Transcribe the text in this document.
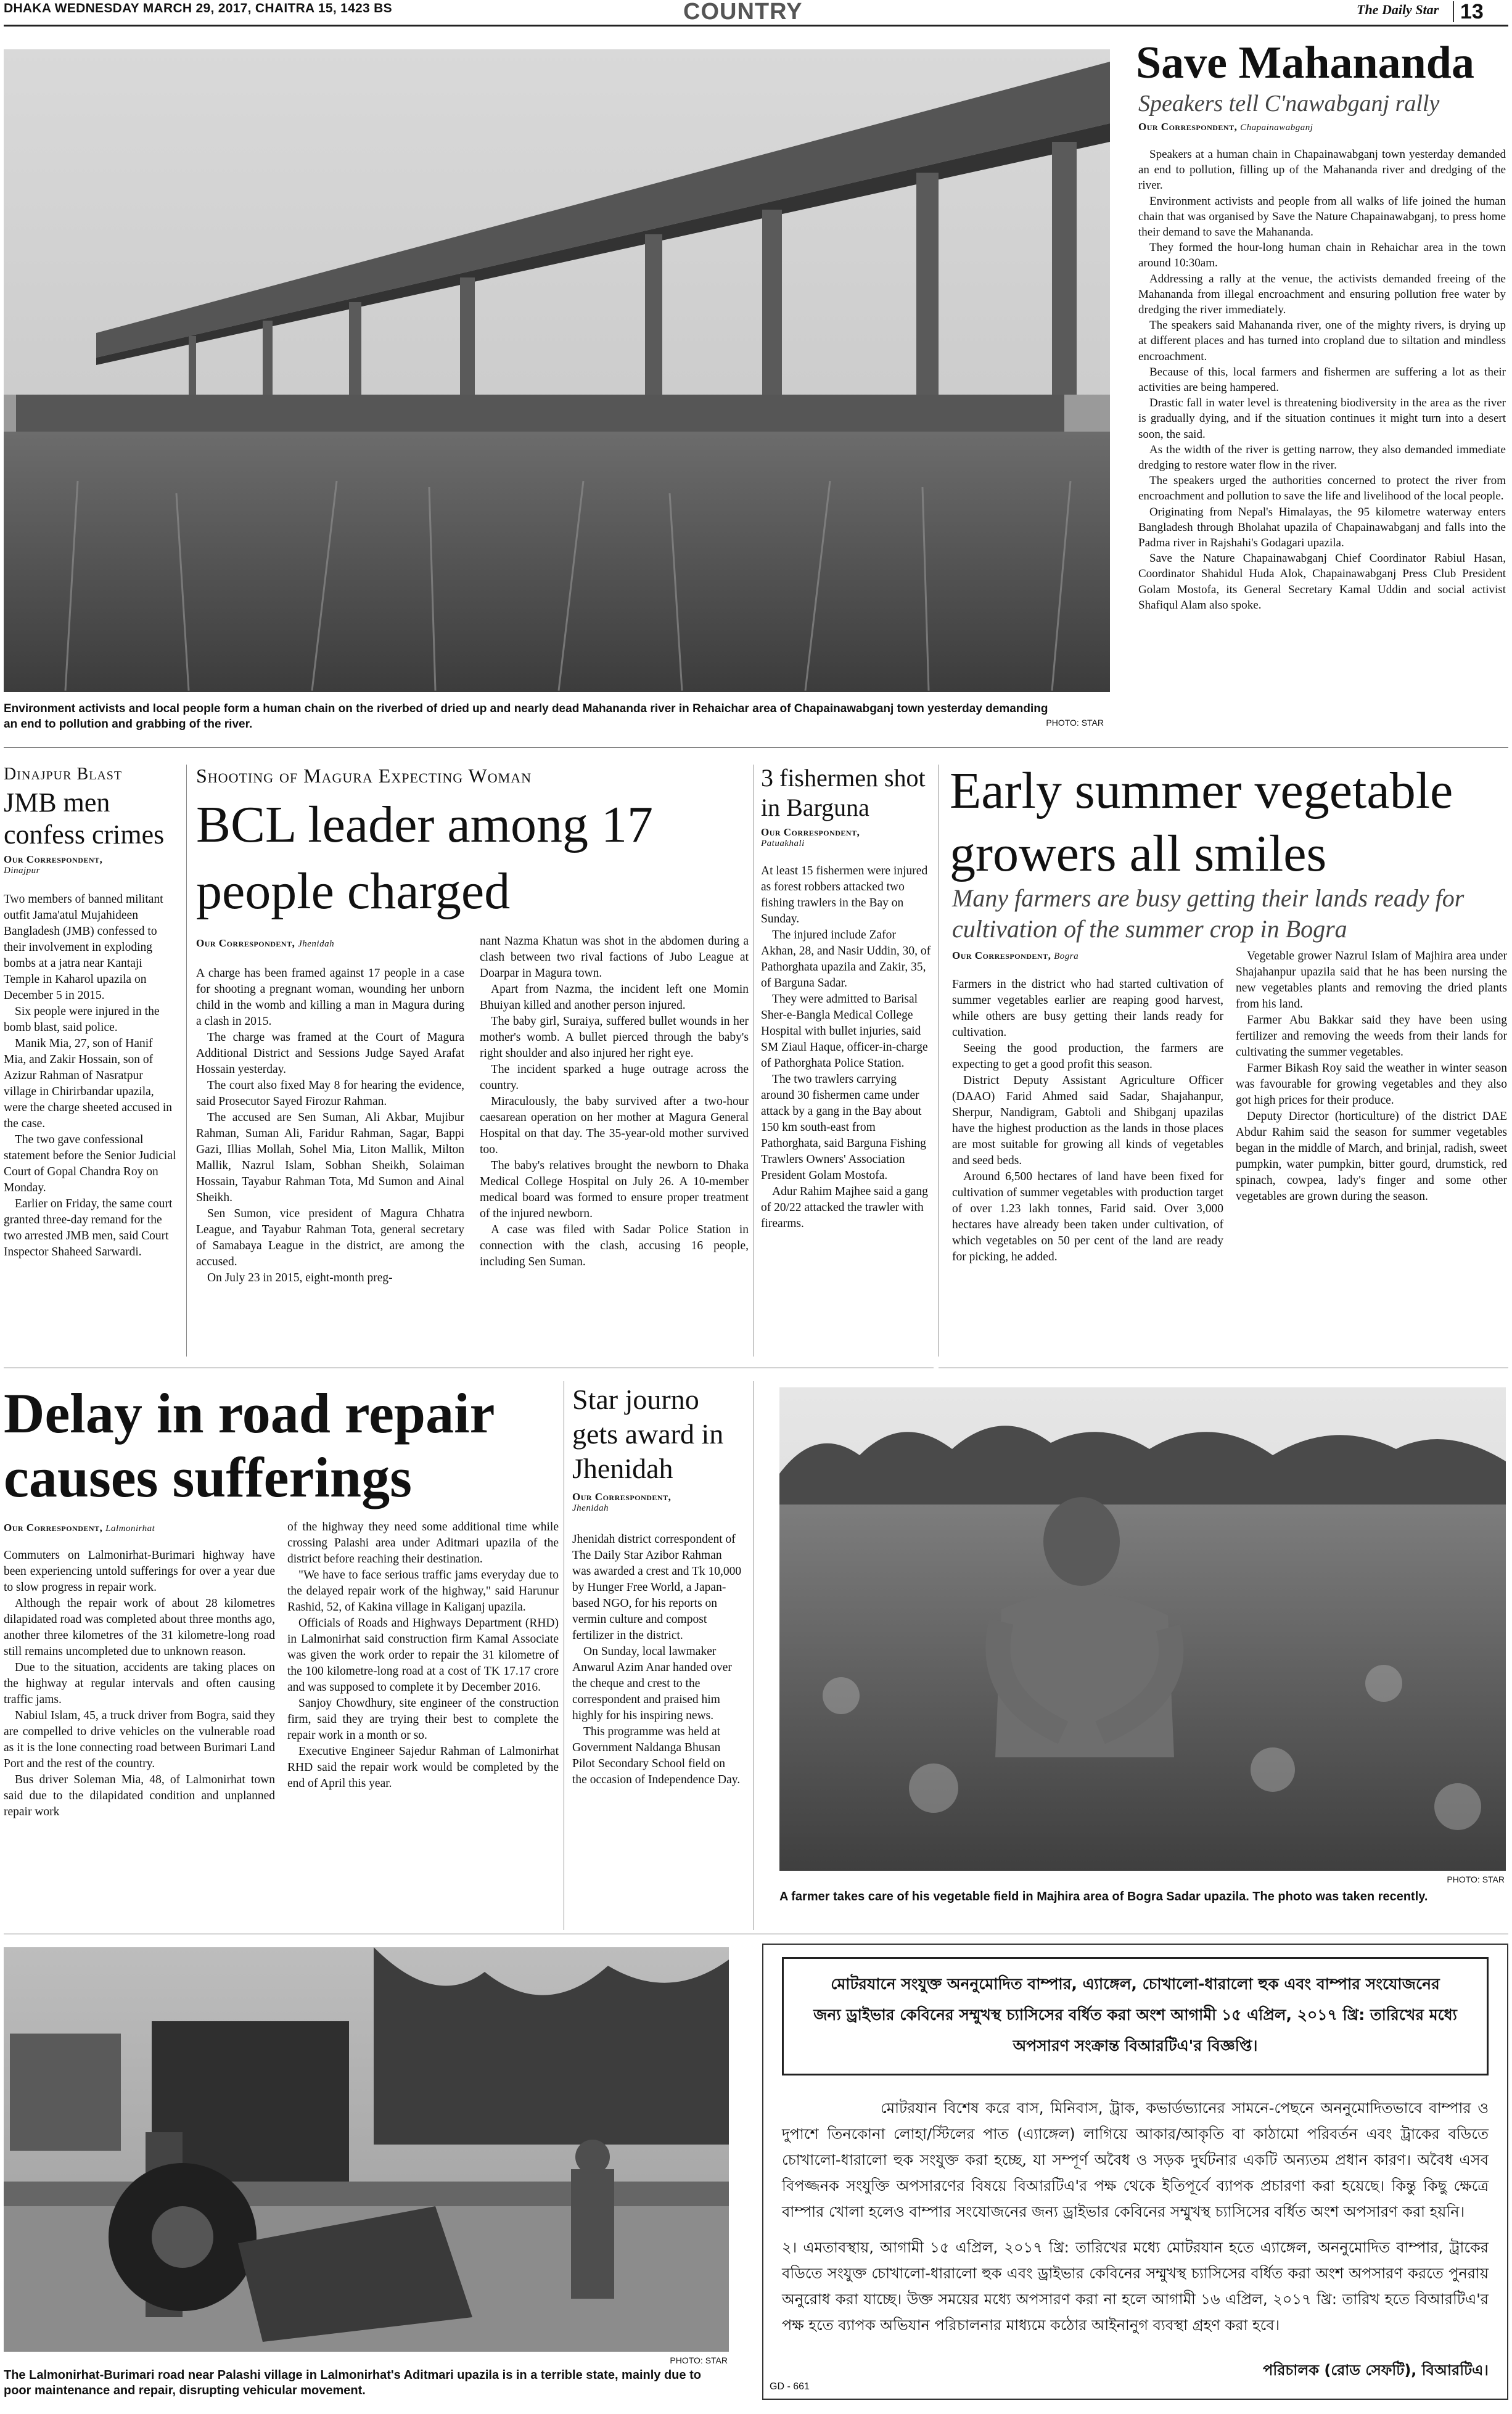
DHAKA WEDNESDAY MARCH 29, 2017, CHAITRA 15, 1423 BS	COUNTRY	The Daily Star 13
Environment activists and local people form a human chain on the riverbed of dried up and nearly dead Mahananda river in Rehaichar area of Chapainawabganj town yesterday demanding an end to pollution and grabbing of the river.	PHOTO: STAR
Save Mahananda
Speakers tell C'nawabganj rally
Our Correspondent, Chapainawabganj

Speakers at a human chain in Chapainawabganj town yesterday demanded an end to pollution, filling up of the Mahananda river and dredging of the river.

Environment activists and people from all walks of life joined the human chain that was organised by Save the Nature Chapainawabganj, to press home their demand to save the Mahananda.

They formed the hour-long human chain in Rehaichar area in the town around 10:30am.

Addressing a rally at the venue, the activists demanded freeing of the Mahananda from illegal encroachment and ensuring pollution free water by dredging the river immediately.

The speakers said Mahananda river, one of the mighty rivers, is drying up at different places and has turned into cropland due to siltation and mindless encroachment.

Because of this, local farmers and fishermen are suffering a lot as their activities are being hampered.

Drastic fall in water level is threatening biodiversity in the area as the river is gradually dying, and if the situation continues it might turn into a desert soon, the said.

As the width of the river is getting narrow, they also demanded immediate dredging to restore water flow in the river.

The speakers urged the authorities concerned to protect the river from encroachment and pollution to save the life and livelihood of the local people.

Originating from Nepal's Himalayas, the 95 kilometre waterway enters Bangladesh through Bholahat upazila of Chapainawabganj and falls into the Padma river in Rajshahi's Godagari upazila.

Save the Nature Chapainawabganj Chief Coordinator Rabiul Hasan, Coordinator Shahidul Huda Alok, Chapainawabganj Press Club President Golam Mostofa, its General Secretary Kamal Uddin and social activist Shafiqul Alam also spoke.

Dinajpur Blast
JMB men confess crimes
Our Correspondent,
Dinajpur

Two members of banned militant outfit Jama'atul Mujahideen Bangladesh (JMB) confessed to their involvement in exploding bombs at a jatra near Kantaji Temple in Kaharol upazila on December 5 in 2015.

Six people were injured in the bomb blast, said police.

Manik Mia, 27, son of Hanif Mia, and Zakir Hossain, son of Azizur Rahman of Nasratpur village in Chirirbandar upazila, were the charge sheeted accused in the case.

The two gave confessional statement before the Senior Judicial Court of Gopal Chandra Roy on Monday.

Earlier on Friday, the same court granted three-day remand for the two arrested JMB men, said Court Inspector Shaheed Sarwardi.

Shooting of Magura Expecting Woman
BCL leader among 17 people charged
Our Correspondent, Jhenidah

A charge has been framed against 17 people in a case for shooting a pregnant woman, wounding her unborn child in the womb and killing a man in Magura during a clash in 2015.

The charge was framed at the Court of Magura Additional District and Sessions Judge Sayed Arafat Hossain yesterday.

The court also fixed May 8 for hearing the evidence, said Prosecutor Sayed Firozur Rahman.

The accused are Sen Suman, Ali Akbar, Mujibur Rahman, Suman Ali, Faridur Rahman, Sagar, Bappi Gazi, Illias Mollah, Sohel Mia, Liton Mallik, Milton Mallik, Nazrul Islam, Sobhan Sheikh, Solaiman Hossain, Tayabur Rahman Tota, Md Sumon and Ainal Sheikh.

Sen Sumon, vice president of Magura Chhatra League, and Tayabur Rahman Tota, general secretary of Samabaya League in the district, are among the accused.

On July 23 in 2015, eight-month preg-

nant Nazma Khatun was shot in the abdomen during a clash between two rival factions of Jubo League at Doarpar in Magura town.

Apart from Nazma, the incident left one Momin Bhuiyan killed and another person injured.

The baby girl, Suraiya, suffered bullet wounds in her mother's womb. A bullet pierced through the baby's right shoulder and also injured her right eye.

The incident sparked a huge outrage across the country.

Miraculously, the baby survived after a two-hour caesarean operation on her mother at Magura General Hospital on that day. The 35-year-old mother survived too.

The baby's relatives brought the newborn to Dhaka Medical College Hospital on July 26. A 10-member medical board was formed to ensure proper treatment of the injured newborn.

A case was filed with Sadar Police Station in connection with the clash, accusing 16 people, including Sen Suman.

3 fishermen shot in Barguna
Our Correspondent,
Patuakhali

At least 15 fishermen were injured as forest robbers attacked two fishing trawlers in the Bay on Sunday.

The injured include Zafor Akhan, 28, and Nasir Uddin, 30, of Pathorghata upazila and Zakir, 35, of Barguna Sadar.

They were admitted to Barisal Sher-e-Bangla Medical College Hospital with bullet injuries, said SM Ziaul Haque, officer-in-charge of Pathorghata Police Station.

The two trawlers carrying around 30 fishermen came under attack by a gang in the Bay about 150 km south-east from Pathorghata, said Barguna Fishing Trawlers Owners' Association President Golam Mostofa.

Adur Rahim Majhee said a gang of 20/22 attacked the trawler with firearms.

Early summer vegetable growers all smiles
Many farmers are busy getting their lands ready for cultivation of the summer crop in Bogra
Our Correspondent, Bogra

Farmers in the district who had started cultivation of summer vegetables earlier are reaping good harvest, while others are busy getting their lands ready for cultivation.

Seeing the good production, the farmers are expecting to get a good profit this season.

District Deputy Assistant Agriculture Officer (DAAO) Farid Ahmed said Sadar, Shajahanpur, Sherpur, Nandigram, Gabtoli and Shibganj upazilas have the highest production as the lands in those places are most suitable for growing all kinds of vegetables and seed beds.

Around 6,500 hectares of land have been fixed for cultivation of summer vegetables with production target of over 1.23 lakh tonnes, Farid said. Over 3,000 hectares have already been taken under cultivation, of which vegetables on 50 per cent of the land are ready for picking, he added.

Vegetable grower Nazrul Islam of Majhira area under Shajahanpur upazila said that he has been nursing the new vegetables plants and removing the dried plants from his land.

Farmer Abu Bakkar said they have been using fertilizer and removing the weeds from their lands for cultivating the summer vegetables.

Farmer Bikash Roy said the weather in winter season was favourable for growing vegetables and they also got high prices for their produce.

Deputy Director (horticulture) of the district DAE Abdur Rahim said the season for summer vegetables began in the middle of March, and brinjal, radish, sweet pumpkin, water pumpkin, bitter gourd, drumstick, red spinach, cowpea, lady's finger and some other vegetables are grown during the season.

Delay in road repair causes sufferings
Our Correspondent, Lalmonirhat

Commuters on Lalmonirhat-Burimari highway have been experiencing untold sufferings for over a year due to slow progress in repair work.

Although the repair work of about 28 kilometres dilapidated road was completed about three months ago, another three kilometres of the 31 kilometre-long road still remains uncompleted due to unknown reason.

Due to the situation, accidents are taking places on the highway at regular intervals and often causing traffic jams.

Nabiul Islam, 45, a truck driver from Bogra, said they are compelled to drive vehicles on the vulnerable road as it is the lone connecting road between Burimari Land Port and the rest of the country.

Bus driver Soleman Mia, 48, of Lalmonirhat town said due to the dilapidated condition and unplanned repair work

of the highway they need some additional time while crossing Palashi area under Aditmari upazila of the district before reaching their destination.

"We have to face serious traffic jams everyday due to the delayed repair work of the highway," said Harunur Rashid, 52, of Kakina village in Kaliganj upazila.

Officials of Roads and Highways Department (RHD) in Lalmonirhat said construction firm Kamal Associate was given the work order to repair the 31 kilometre of the 100 kilometre-long road at a cost of TK 17.17 crore and was supposed to complete it by December 2016.

Sanjoy Chowdhury, site engineer of the construction firm, said they are trying their best to complete the repair work in a month or so.

Executive Engineer Sajedur Rahman of Lalmonirhat RHD said the repair work would be completed by the end of April this year.

Star journo gets award in Jhenidah
Our Correspondent,
Jhenidah

Jhenidah district correspondent of The Daily Star Azibor Rahman was awarded a crest and Tk 10,000 by Hunger Free World, a Japan-based NGO, for his reports on vermin culture and compost fertilizer in the district.

On Sunday, local lawmaker Anwarul Azim Anar handed over the cheque and crest to the correspondent and praised him highly for his inspiring news.

This programme was held at Government Naldanga Bhusan Pilot Secondary School field on the occasion of Independence Day.

PHOTO: STAR
A farmer takes care of his vegetable field in Majhira area of Bogra Sadar upazila. The photo was taken recently.
PHOTO: STAR
The Lalmonirhat-Burimari road near Palashi village in Lalmonirhat's Aditmari upazila is in a terrible state, mainly due to poor maintenance and repair, disrupting vehicular movement.
মোটরযানে সংযুক্ত অননুমোদিত বাম্পার, এ্যাঙ্গেল, চোখালো-ধারালো হুক এবং বাম্পার সংযোজনের
জন্য ড্রাইভার কেবিনের সম্মুখস্থ চ্যাসিসের বর্ধিত করা অংশ আগামী ১৫ এপ্রিল, ২০১৭ খ্রি: তারিখের মধ্যে
অপসারণ সংক্রান্ত বিআরটিএ'র বিজ্ঞপ্তি।
মোটরযান বিশেষ করে বাস, মিনিবাস, ট্রাক, কভার্ডভ্যানের সামনে-পেছনে অননুমোদিতভাবে বাম্পার ও দুপাশে তিনকোনা লোহা/স্টিলের পাত (এ্যাঙ্গেল) লাগিয়ে আকার/আকৃতি বা কাঠামো পরিবর্তন এবং ট্রাকের বডিতে চোখালো-ধারালো হুক সংযুক্ত করা হচ্ছে, যা সম্পূর্ণ অবৈধ ও সড়ক দুর্ঘটনার একটি অন্যতম প্রধান কারণ। অবৈধ এসব বিপজ্জনক সংযুক্তি অপসারণের বিষয়ে বিআরটিএ'র পক্ষ থেকে ইতিপূর্বে ব্যাপক প্রচারণা করা হয়েছে। কিন্তু কিছু ক্ষেত্রে বাম্পার খোলা হলেও বাম্পার সংযোজনের জন্য ড্রাইভার কেবিনের সম্মুখস্থ চ্যাসিসের বর্ধিত অংশ অপসারণ করা হয়নি।
২। এমতাবস্থায়, আগামী ১৫ এপ্রিল, ২০১৭ খ্রি: তারিখের মধ্যে মোটরযান হতে এ্যাঙ্গেল, অননুমোদিত বাম্পার, ট্রাকের বডিতে সংযুক্ত চোখালো-ধারালো হুক এবং ড্রাইভার কেবিনের সম্মুখস্থ চ্যাসিসের বর্ধিত করা অংশ অপসারণ করতে পুনরায় অনুরোধ করা যাচ্ছে। উক্ত সময়ের মধ্যে অপসারণ করা না হলে আগামী ১৬ এপ্রিল, ২০১৭ খ্রি: তারিখ হতে বিআরটিএ'র পক্ষ হতে ব্যাপক অভিযান পরিচালনার মাধ্যমে কঠোর আইনানুগ ব্যবস্থা গ্রহণ করা হবে।
পরিচালক (রোড সেফটি), বিআরটিএ।
GD - 661
